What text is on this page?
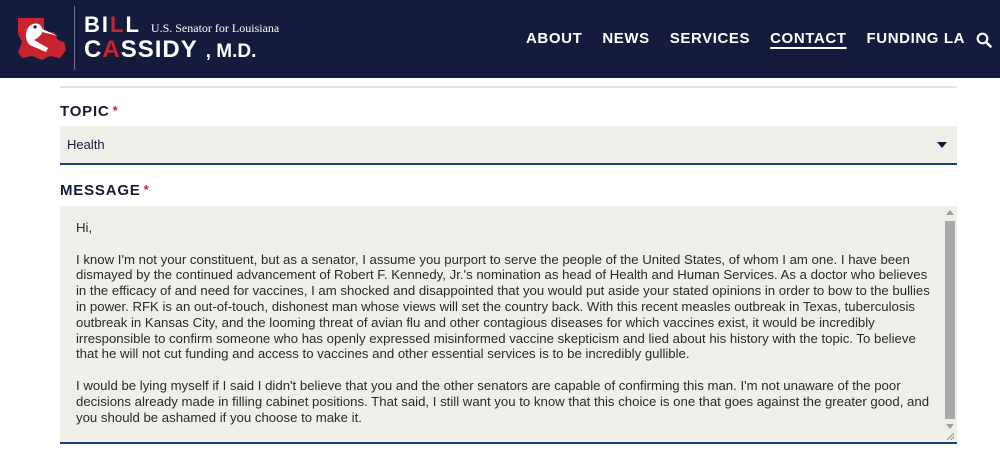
BILL U.S. Senator for Louisiana
CASSIDY , M.D.
ABOUT NEWS SERVICES CONTACT FUNDING LA
TOPIC *
Health
MESSAGE *
Hi,

I know I'm not your constituent, but as a senator, I assume you purport to serve the people of the United States, of whom I am one. I have been dismayed by the continued advancement of Robert F. Kennedy, Jr.'s nomination as head of Health and Human Services. As a doctor who believes in the efficacy of and need for vaccines, I am shocked and disappointed that you would put aside your stated opinions in order to bow to the bullies in power. RFK is an out-of-touch, dishonest man whose views will set the country back. With this recent measles outbreak in Texas, tuberculosis outbreak in Kansas City, and the looming threat of avian flu and other contagious diseases for which vaccines exist, it would be incredibly irresponsible to confirm someone who has openly expressed misinformed vaccine skepticism and lied about his history with the topic. To believe that he will not cut funding and access to vaccines and other essential services is to be incredibly gullible.

I would be lying myself if I said I didn't believe that you and the other senators are capable of confirming this man. I'm not unaware of the poor decisions already made in filling cabinet positions. That said, I still want you to know that this choice is one that goes against the greater good, and you should be ashamed if you choose to make it.
